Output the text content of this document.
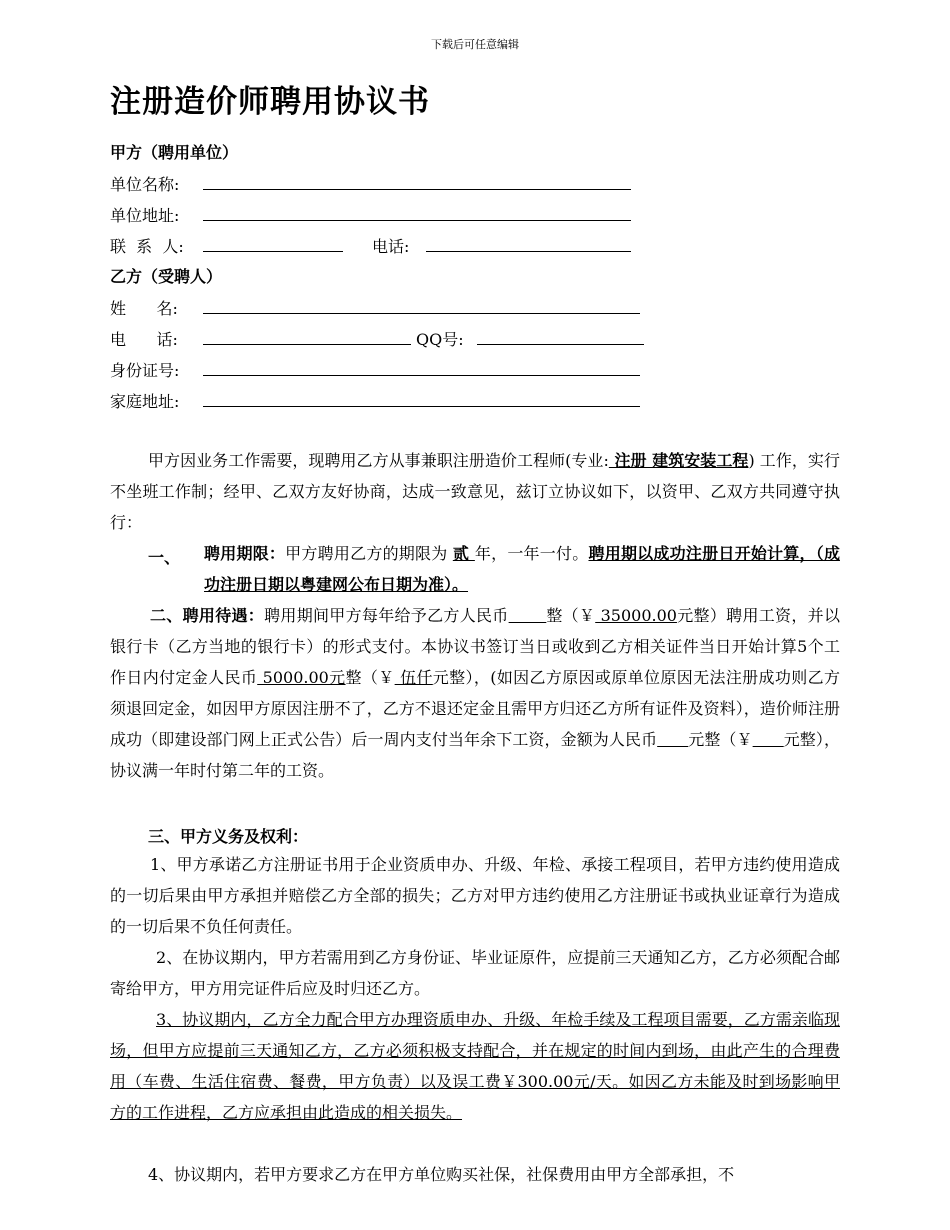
下载后可任意编辑
注册造价师聘用协议书
甲方（聘用单位）
单位名称:
单位地址:
联  系  人:	电话:
乙方（受聘人）
姓      名:
电      话:	QQ号:
身份证号:
家庭地址:
甲方因业务工作需要，现聘用乙方从事兼职注册造价工程师(专业: 注册 建筑安装工程) 工作，实行不坐班工作制；经甲、乙双方友好协商，达成一致意见，兹订立协议如下，以资甲、乙双方共同遵守执行：
一、 聘用期限：甲方聘用乙方的期限为 贰 年，一年一付。聘用期以成功注册日开始计算，（成功注册日期以粤建网公布日期为准）。
二、聘用待遇：聘用期间甲方每年给予乙方人民币 整（￥ 35000.00元整）聘用工资，并以银行卡（乙方当地的银行卡）的形式支付。本协议书签订当日或收到乙方相关证件当日开始计算5个工作日内付定金人民币 5000.00元整（￥ 伍仟元整），(如因乙方原因或原单位原因无法注册成功则乙方须退回定金，如因甲方原因注册不了，乙方不退还定金且需甲方归还乙方所有证件及资料），造价师注册成功（即建设部门网上正式公告）后一周内支付当年余下工资，金额为人民币 元整（￥ 元整），协议满一年时付第二年的工资。
三、甲方义务及权利：
1、甲方承诺乙方注册证书用于企业资质申办、升级、年检、承接工程项目，若甲方违约使用造成的一切后果由甲方承担并赔偿乙方全部的损失；乙方对甲方违约使用乙方注册证书或执业证章行为造成的一切后果不负任何责任。
2、在协议期内，甲方若需用到乙方身份证、毕业证原件，应提前三天通知乙方，乙方必须配合邮寄给甲方，甲方用完证件后应及时归还乙方。
3、协议期内，乙方全力配合甲方办理资质申办、升级、年检手续及工程项目需要，乙方需亲临现场，但甲方应提前三天通知乙方，乙方必须积极支持配合，并在规定的时间内到场，由此产生的合理费用（车费、生活住宿费、餐费，甲方负责）以及误工费￥300.00元/天。如因乙方未能及时到场影响甲方的工作进程，乙方应承担由此造成的相关损失。
4、协议期内，若甲方要求乙方在甲方单位购买社保，社保费用由甲方全部承担，不
